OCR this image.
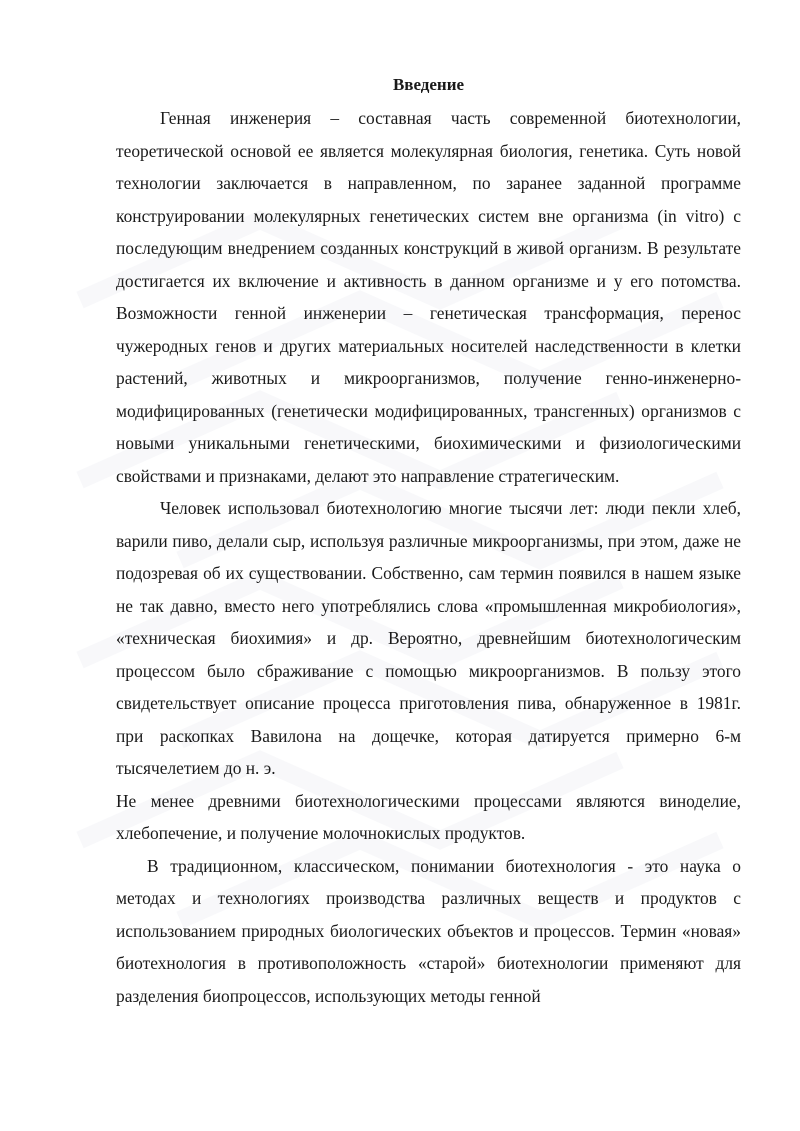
Введение

Генная инженерия – составная часть современной биотехнологии, теоретической основой ее является молекулярная биология, генетика. Суть новой технологии заключается в направленном, по заранее заданной программе конструировании молекулярных генетических систем вне организма (in vitro) с последующим внедрением созданных конструкций в живой организм. В результате достигается их включение и активность в данном организме и у его потомства. Возможности генной инженерии – генетическая трансформация, перенос чужеродных генов и других материальных носителей наследственности в клетки растений, животных и микроорганизмов, получение генно-инженерно-модифицированных (генетически модифицированных, трансгенных) организмов с новыми уникальными генетическими, биохимическими и физиологическими свойствами и признаками, делают это направление стратегическим.

Человек использовал биотехнологию многие тысячи лет: люди пекли хлеб, варили пиво, делали сыр, используя различные микроорганизмы, при этом, даже не подозревая об их существовании. Собственно, сам термин появился в нашем языке не так давно, вместо него употреблялись слова «промышленная микробиология», «техническая биохимия» и др. Вероятно, древнейшим биотехнологическим процессом было сбраживание с помощью микроорганизмов. В пользу этого свидетельствует описание процесса приготовления пива, обнаруженное в 1981г. при раскопках Вавилона на дощечке, которая датируется примерно 6-м тысячелетием до н. э.

Не менее древними биотехнологическими процессами являются виноделие, хлебопечение, и получение молочнокислых продуктов.

В традиционном, классическом, понимании биотехнология - это наука о методах и технологиях производства различных веществ и продуктов с использованием природных биологических объектов и процессов. Термин «новая» биотехнология в противоположность «старой» биотехнологии применяют для разделения биопроцессов, использующих методы генной
